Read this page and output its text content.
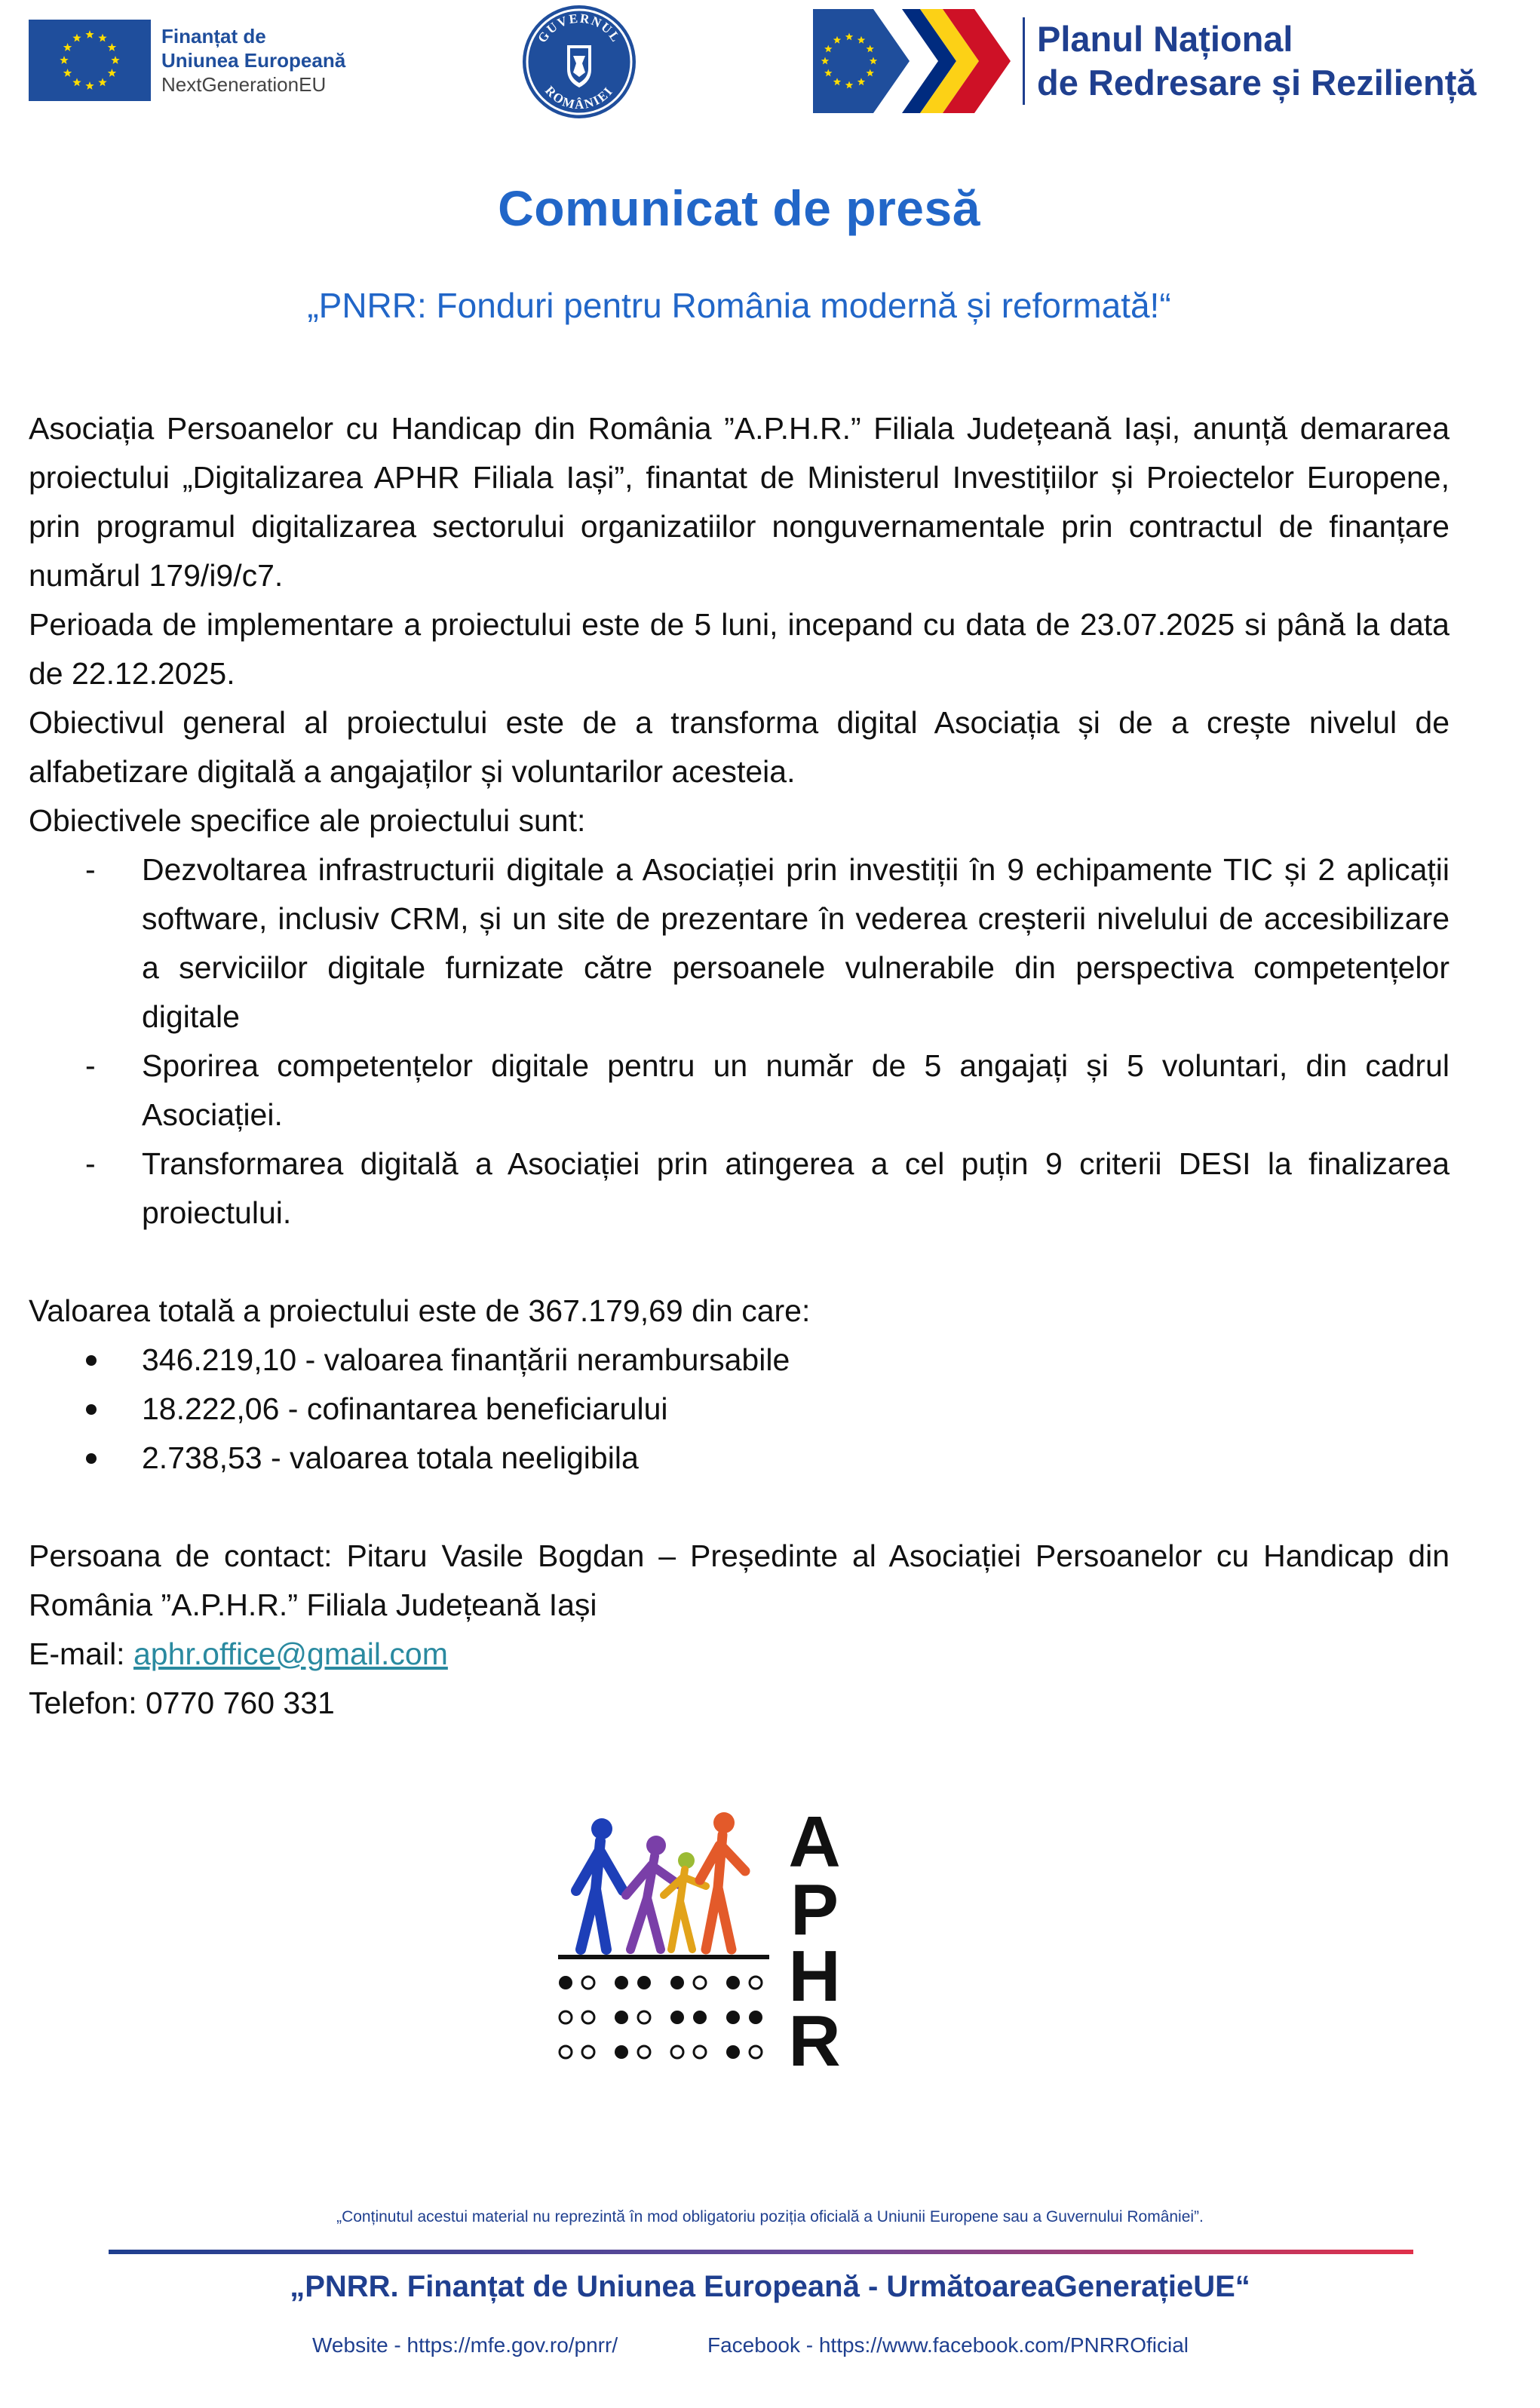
Finanțat de
Uniunea Europeană
NextGenerationEU
GUVERNUL
ROMÂNIEI
Planul Național
de Redresare și Reziliență
Comunicat de presă
„PNRR: Fonduri pentru România modernă și reformată!“

Asociația Persoanelor cu Handicap din România ”A.P.H.R.” Filiala Județeană Iași, anunță demararea proiectului „Digitalizarea APHR Filiala Iași”, finantat de Ministerul Investițiilor și Proiectelor Europene, prin programul digitalizarea sectorului organizatiilor nonguvernamentale prin contractul de finanțare numărul 179/i9/c7.

Perioada de implementare a proiectului este de 5 luni, incepand cu data de 23.07.2025 si până la data de 22.12.2025.

Obiectivul general al proiectului este de a transforma digital Asociația și de a crește nivelul de alfabetizare digitală a angajaților și voluntarilor acesteia.

Obiectivele specifice ale proiectului sunt:

- Dezvoltarea infrastructurii digitale a Asociației prin investiții în 9 echipamente TIC și 2 aplicații software, inclusiv CRM, și un site de prezentare în vederea creșterii nivelului de accesibilizare a serviciilor digitale furnizate către persoanele vulnerabile din perspectiva competențelor digitale
- Sporirea competențelor digitale pentru un număr de 5 angajați și 5 voluntari, din cadrul Asociației.
- Transformarea digitală a Asociației prin atingerea a cel puțin 9 criterii DESI la finalizarea proiectului.

Valoarea totală a proiectului este de 367.179,69 din care:

346.219,10 - valoarea finanțării nerambursabile
18.222,06 - cofinantarea beneficiarului
2.738,53 - valoarea totala neeligibila

Persoana de contact: Pitaru Vasile Bogdan – Președinte al Asociației Persoanelor cu Handicap din România ”A.P.H.R.” Filiala Județeană Iași

E-mail: aphr.office@gmail.com

Telefon: 0770 760 331

A
P
H
R
„Conținutul acestui material nu reprezintă în mod obligatoriu poziția oficială a Uniunii Europene sau a Guvernului României”.
„PNRR. Finanțat de Uniunea Europeană - UrmătoareaGenerațieUE“
Website - https://mfe.gov.ro/pnrr/	Facebook - https://www.facebook.com/PNRROficial
